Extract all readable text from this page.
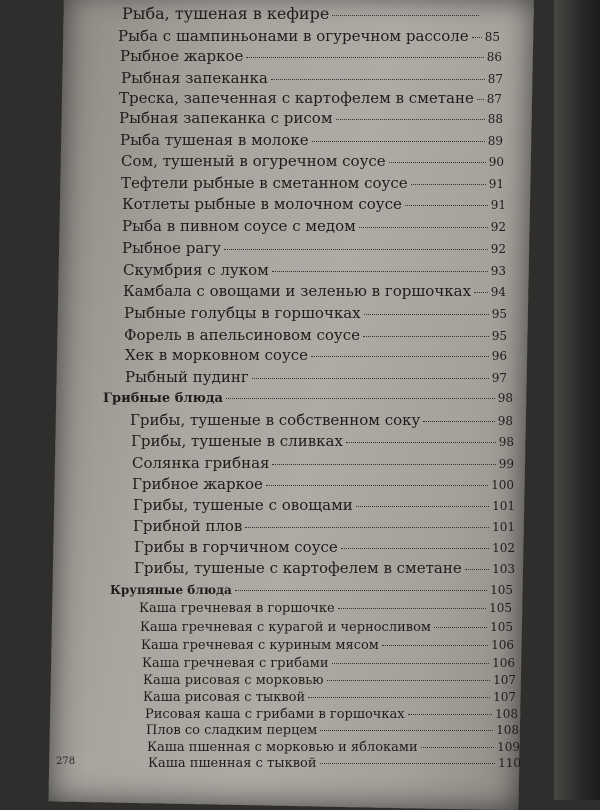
Рыба, тушеная в кефире
Рыба с шампиньонами в огуречном рассоле 85
Рыбное жаркое	86
Рыбная запеканка	87
Треска, запеченная с картофелем в сметане 87
Рыбная запеканка с рисом	88
Рыба тушеная в молоке	89
Сом, тушеный в огуречном соусе	90
Тефтели рыбные в сметанном соусе	91
Котлеты рыбные в молочном соусе	91
Рыба в пивном соусе с медом	92
Рыбное рагу	92
Скумбрия с луком	93
Камбала с овощами и зеленью в горшочках 94
Рыбные голубцы в горшочках	95
Форель в апельсиновом соусе	95
Хек в морковном соусе	96
Рыбный пудинг	97
Грибные блюда	98
Грибы, тушеные в собственном соку	98
Грибы, тушеные в сливках	98
Солянка грибная	99
Грибное жаркое	100
Грибы, тушеные с овощами	101
Грибной плов	101
Грибы в горчичном соусе	102
Грибы, тушеные с картофелем в сметане	103
Крупяные блюда	105
Каша гречневая в горшочке	105
Каша гречневая с курагой и черносливом	105
Каша гречневая с куриным мясом	106
Каша гречневая с грибами	106
Каша рисовая с морковью	107
Каша рисовая с тыквой	107
Рисовая каша с грибами в горшочках	108
Плов со сладким перцем	108
Каша пшенная с морковью и яблоками	109
Каша пшенная с тыквой	110
278
